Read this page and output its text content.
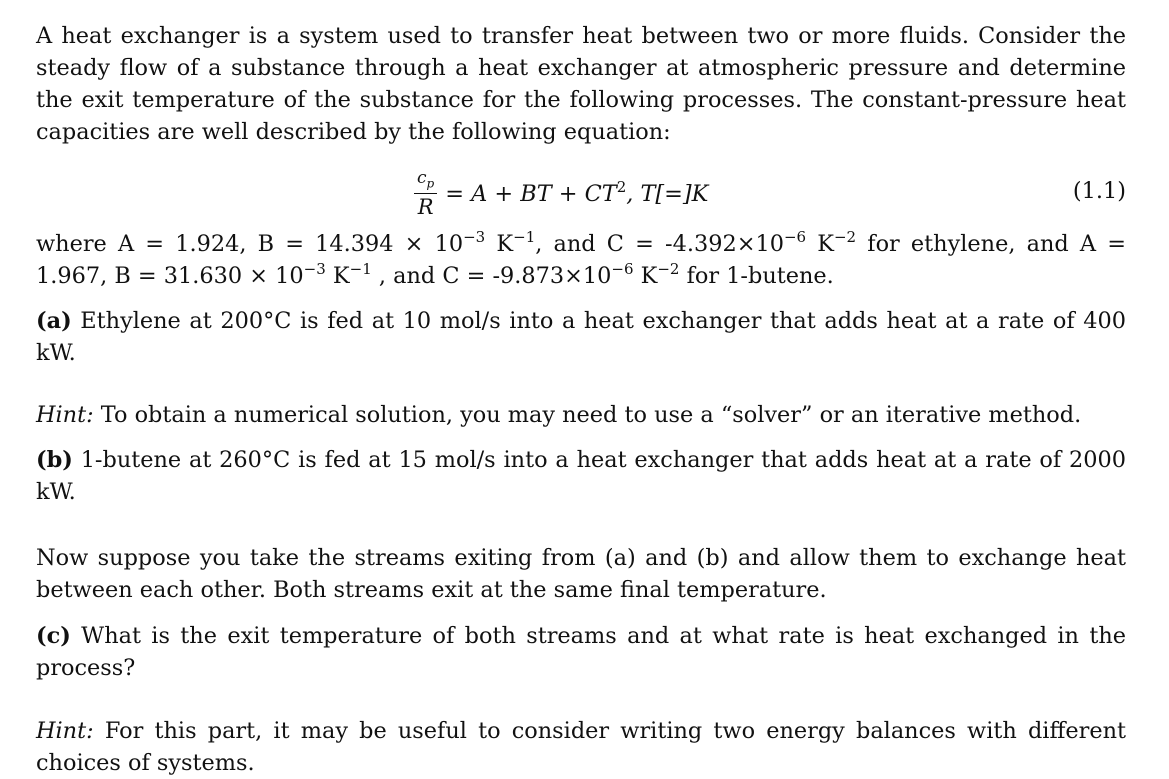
A heat exchanger is a system used to transfer heat between two or more fluids. Consider the steady flow of a substance through a heat exchanger at atmospheric pressure and determine the exit temperature of the substance for the following processes. The constant-pressure heat capacities are well described by the following equation:

$\frac{c_p}{R} = A$ + BT + $CT^2$, T[=]K	(1.1)

where A = 1.924, $B = 14.394 \times 10^{-3}$ $K^{-1}$, and $C = -4.392\times 10^{-6}$ $K^{-2}$ for ethylene, and A = 1.967, $B = 31.630 \times 10^{-3}$ $K^{-1}$ , and $C = -9.873\times 10^{-6}$ $K^{-2}$ for 1-butene.

(a) Ethylene at 200°C is fed at 10 mol/s into a heat exchanger that adds heat at a rate of 400 kW.

Hint: To obtain a numerical solution, you may need to use a “solver” or an iterative method.

(b) 1-butene at 260°C is fed at 15 mol/s into a heat exchanger that adds heat at a rate of 2000 kW.

Now suppose you take the streams exiting from (a) and (b) and allow them to exchange heat between each other. Both streams exit at the same final temperature.

(c) What is the exit temperature of both streams and at what rate is heat exchanged in the process?

Hint: For this part, it may be useful to consider writing two energy balances with different choices of systems.
